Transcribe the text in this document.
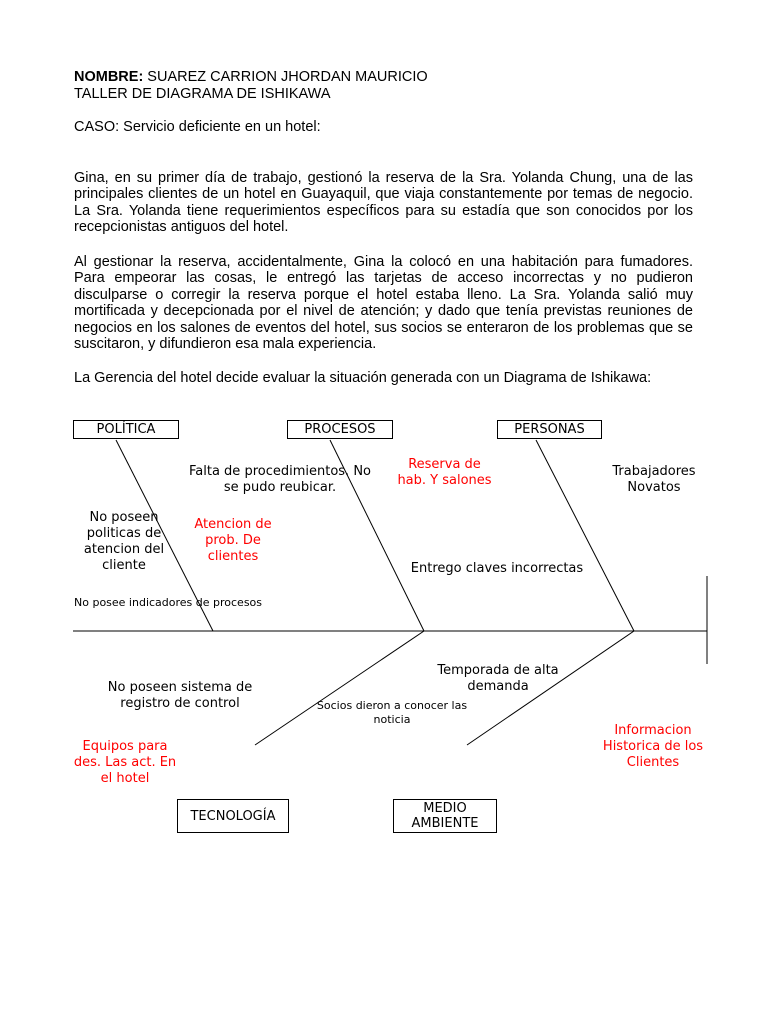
NOMBRE: SUAREZ CARRION JHORDAN MAURICIO
TALLER DE DIAGRAMA DE ISHIKAWA
CASO: Servicio deficiente en un hotel:
Gina, en su primer día de trabajo, gestionó la reserva de la Sra. Yolanda Chung, una de las principales clientes de un hotel en Guayaquil, que viaja constantemente por temas de negocio. La Sra. Yolanda tiene requerimientos específicos para su estadía que son conocidos por los recepcionistas antiguos del hotel.
Al gestionar la reserva, accidentalmente, Gina la colocó en una habitación para fumadores. Para empeorar las cosas, le entregó las tarjetas de acceso incorrectas y no pudieron disculparse o corregir la reserva porque el hotel estaba lleno. La Sra. Yolanda salió muy mortificada y decepcionada por el nivel de atención; y dado que tenía previstas reuniones de negocios en los salones de eventos del hotel, sus socios se enteraron de los problemas que se suscitaron, y difundieron esa mala experiencia.
La Gerencia del hotel decide evaluar la situación generada con un Diagrama de Ishikawa:
POLÍTICA	PROCESOS	PERSONAS
TECNOLOGÍA	MEDIO AMBIENTE
No poseen politicas de atencion del cliente
Atencion de prob. De clientes
No posee indicadores de procesos
Falta de procedimientos. No se pudo reubicar.
Reserva de hab. Y salones
Entrego claves incorrectas
Trabajadores Novatos
No poseen sistema de registro de control
Equipos para des. Las act. En el hotel
Socios dieron a conocer las noticia
Temporada de alta demanda
Informacion Historica de los Clientes
